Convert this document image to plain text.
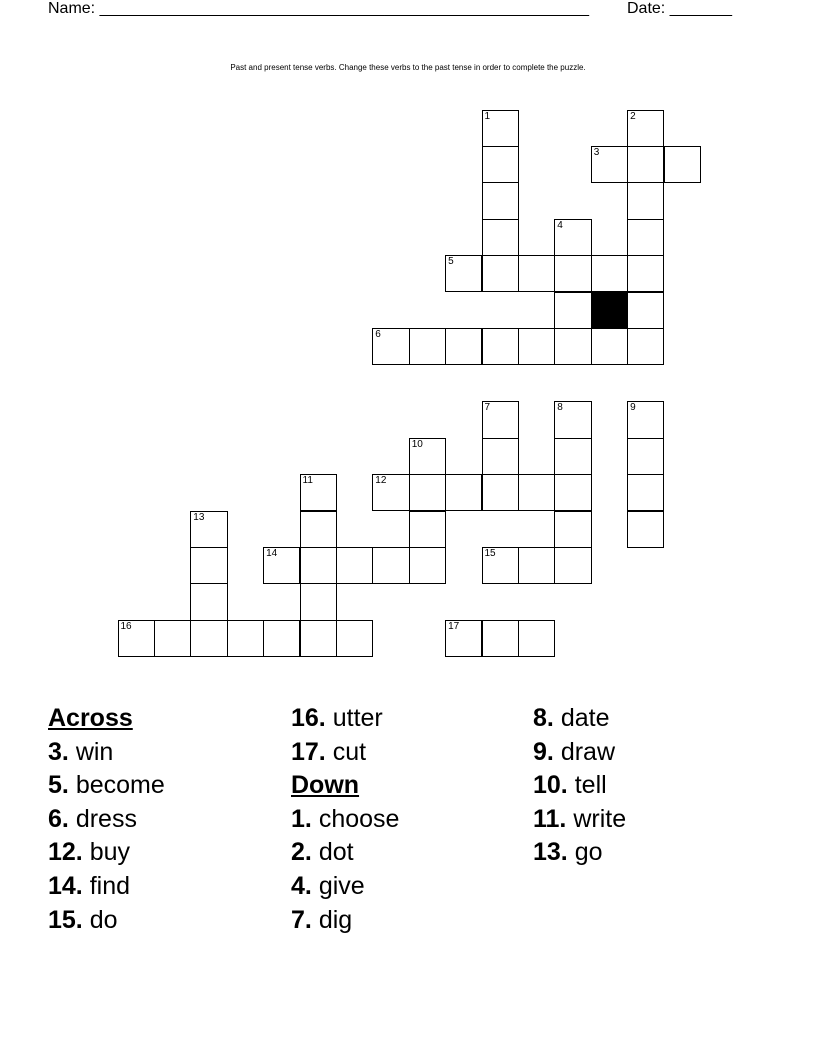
Name: _______________________________________________________

Date: _______

Past and present tense verbs. Change these verbs to the past tense in order to complete the puzzle.
1	2
3
4
5
6
7	8	9
10
11	12
13
14	15
16	17
Across
3. win
5. become
6. dress
12. buy
14. find
15. do
16. utter
17. cut
Down
1. choose
2. dot
4. give
7. dig
8. date
9. draw
10. tell
11. write
13. go
